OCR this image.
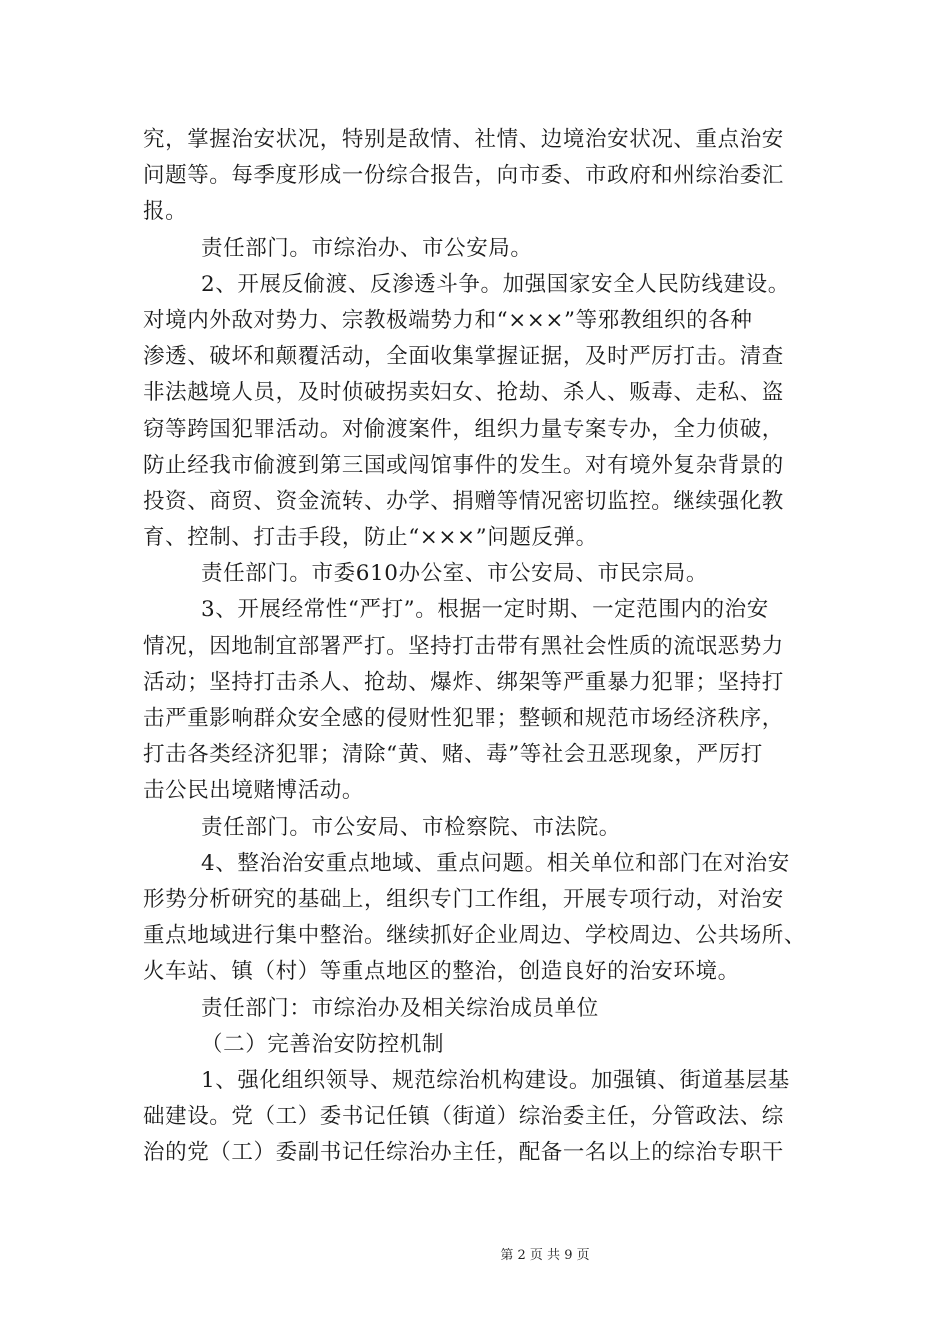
究，掌握治安状况，特别是敌情、社情、边境治安状况、重点治安
问题等。每季度形成一份综合报告，向市委、市政府和州综治委汇
报。
责任部门。市综治办、市公安局。
2、开展反偷渡、反渗透斗争。加强国家安全人民防线建设。
对境内外敌对势力、宗教极端势力和“×××”等邪教组织的各种
渗透、破坏和颠覆活动，全面收集掌握证据，及时严厉打击。清查
非法越境人员，及时侦破拐卖妇女、抢劫、杀人、贩毒、走私、盗
窃等跨国犯罪活动。对偷渡案件，组织力量专案专办，全力侦破，
防止经我市偷渡到第三国或闯馆事件的发生。对有境外复杂背景的
投资、商贸、资金流转、办学、捐赠等情况密切监控。继续强化教
育、控制、打击手段，防止“×××”问题反弹。
责任部门。市委610办公室、市公安局、市民宗局。
3、开展经常性“严打”。根据一定时期、一定范围内的治安
情况，因地制宜部署严打。坚持打击带有黑社会性质的流氓恶势力
活动；坚持打击杀人、抢劫、爆炸、绑架等严重暴力犯罪；坚持打
击严重影响群众安全感的侵财性犯罪；整顿和规范市场经济秩序，
打击各类经济犯罪；清除“黄、赌、毒”等社会丑恶现象，严厉打
击公民出境赌博活动。
责任部门。市公安局、市检察院、市法院。
4、整治治安重点地域、重点问题。相关单位和部门在对治安
形势分析研究的基础上，组织专门工作组，开展专项行动，对治安
重点地域进行集中整治。继续抓好企业周边、学校周边、公共场所、
火车站、镇（村）等重点地区的整治，创造良好的治安环境。
责任部门：市综治办及相关综治成员单位
（二）完善治安防控机制
1、强化组织领导、规范综治机构建设。加强镇、街道基层基
础建设。党（工）委书记任镇（街道）综治委主任，分管政法、综
治的党（工）委副书记任综治办主任，配备一名以上的综治专职干
第 2 页 共 9 页
